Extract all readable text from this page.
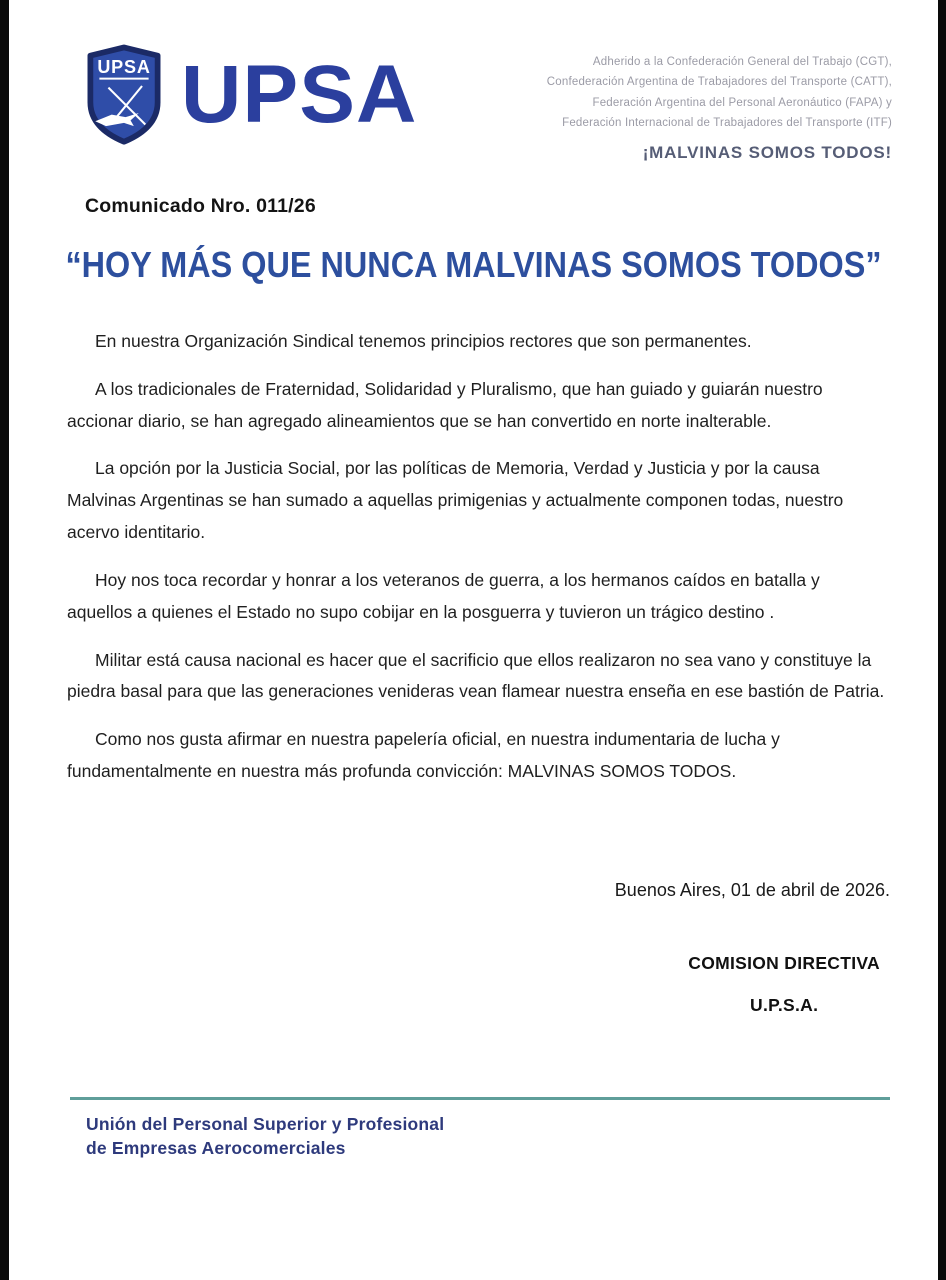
UPSA UPSA	Adherido a la Confederación General del Trabajo (CGT),
Confederación Argentina de Trabajadores del Transporte (CATT),
Federación Argentina del Personal Aeronáutico (FAPA) y
Federación Internacional de Trabajadores del Transporte (ITF)
¡MALVINAS SOMOS TODOS!
Comunicado Nro. 011/26
“HOY MÁS QUE NUNCA MALVINAS SOMOS TODOS”

En nuestra Organización Sindical tenemos principios rectores que son permanentes.

A los tradicionales de Fraternidad, Solidaridad y Pluralismo, que han guiado y guiarán nuestro accionar diario, se han agregado alineamientos que se han convertido en norte inalterable.

La opción por la Justicia Social, por las políticas de Memoria, Verdad y Justicia y por la causa Malvinas Argentinas se han sumado a aquellas primigenias y actualmente componen todas, nuestro acervo identitario.

Hoy nos toca recordar y honrar a los veteranos de guerra, a los hermanos caídos en batalla y aquellos a quienes el Estado no supo cobijar en la posguerra y tuvieron un trágico destino .

Militar está causa nacional es hacer que el sacrificio que ellos realizaron no sea vano y constituye la piedra basal para que las generaciones venideras vean flamear nuestra enseña en ese bastión de Patria.

Como nos gusta afirmar en nuestra papelería oficial, en nuestra indumentaria de lucha y fundamentalmente en nuestra más profunda convicción: MALVINAS SOMOS TODOS.

Buenos Aires, 01 de abril de 2026.
COMISION DIRECTIVA
U.P.S.A.
Unión del Personal Superior y Profesional
de Empresas Aerocomerciales
